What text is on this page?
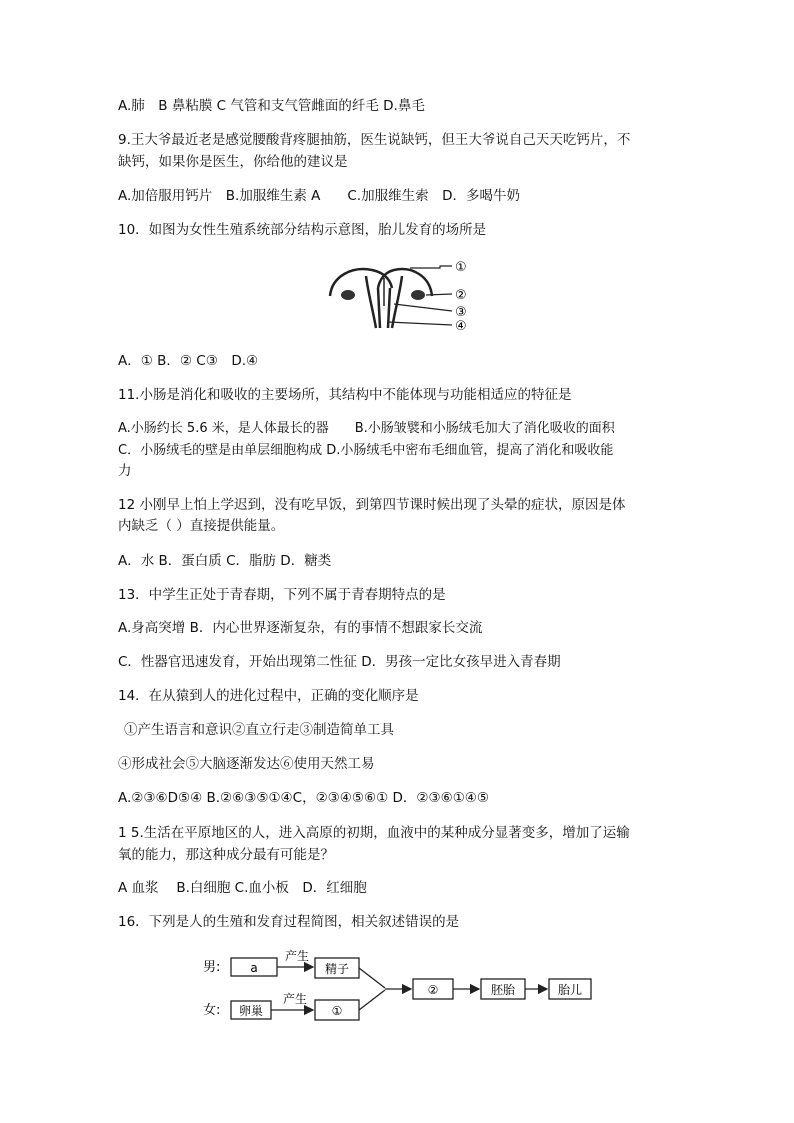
A.肺　B 鼻粘膜 C 气管和支气管雌面的纤毛 D.鼻毛
9.王大爷最近老是感觉腰酸背疼腿抽筋，医生说缺钙，但王大爷说自己天天吃钙片，不
缺钙，如果你是医生，你给他的建议是
A.加倍服用钙片　B.加服维生素 A　　C.加服维生索　D．多喝牛奶
10．如图为女性生殖系统部分结构示意图，胎儿发育的场所是
①
②
③
④
A．① B．② C③　D.④
11.小肠是消化和吸收的主要场所，其结构中不能体现与功能相适应的特征是
A.小肠约长 5.6 米，是人体最长的器　　B.小肠皱襞和小肠绒毛加大了消化吸收的面积
C．小肠绒毛的壁是由单层细胞构成 D.小肠绒毛中密布毛细血管，提高了消化和吸收能
力
12 小刚早上怕上学迟到，没有吃早饭，到第四节课时候出现了头晕的症状，原因是体
内缺乏（ ）直接提供能量。
A．水 B．蛋白质 C．脂肪 D．糖类
13．中学生正处于青春期，下列不属于青春期特点的是
A.身高突增 B．内心世界逐渐复杂，有的事情不想跟家长交流
C．性器官迅速发育，开始出现第二性征 D．男孩一定比女孩早进入青春期
14．在从猿到人的进化过程中，正确的变化顺序是
①产生语言和意识②直立行走③制造简单工具
④形成社会⑤大脑逐渐发达⑥使用天然工易
A.②③⑥D⑤④ B.②⑥③⑤①④C，②③④⑤⑥① D．②③⑥①④⑤
1 5.生活在平原地区的人，进入高原的初期，血液中的某种成分显著变多，增加了运输
氧的能力，那这种成分最有可能是？
A 血浆　 B.白细胞 C.血小板　D．红细胞
16．下列是人的生殖和发育过程简图，相关叙述错误的是
男:
女:
a
产生
精子
卵巢
产生
①
②	胚胎	胎儿
